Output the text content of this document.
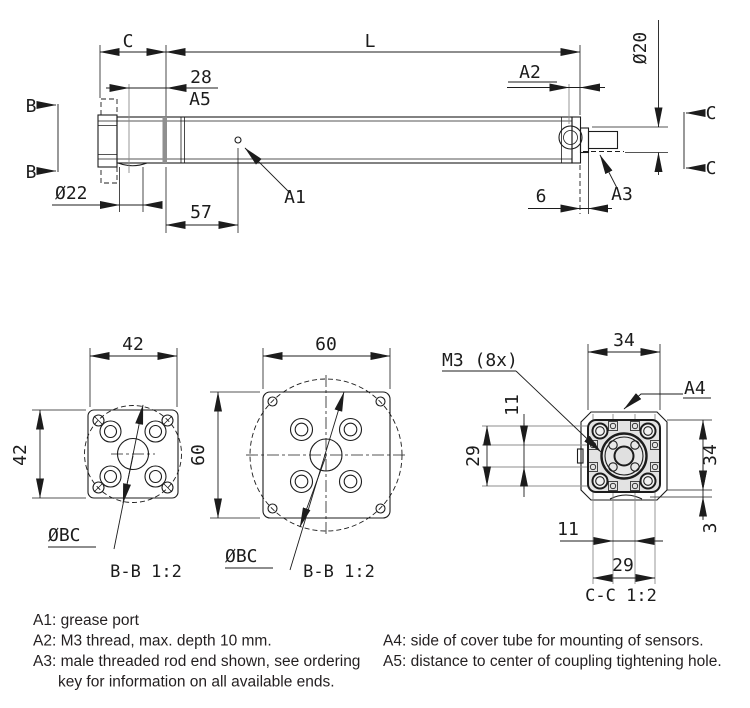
C	L
28
A5
Ø22
57
A1
A2
6
Ø20
A3
B
B
C
C
42
42
ØBC
B-B 1:2
60
60
ØBC
B-B 1:2
M3 (8x)
A4
34
29
11
11
29
34
3
C-C 1:2
A1: grease port
A2: M3 thread, max. depth 10 mm.
A3: male threaded rod end shown, see ordering
key for information on all available ends.
A4: side of cover tube for mounting of sensors.
A5: distance to center of coupling tightening hole.
